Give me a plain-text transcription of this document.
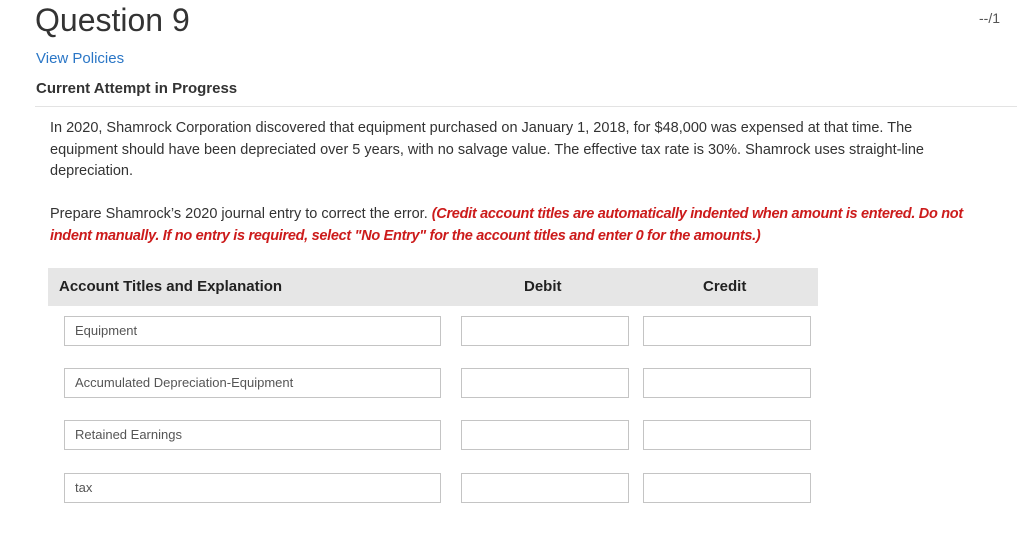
Question 9	--/1
View Policies
Current Attempt in Progress
In 2020, Shamrock Corporation discovered that equipment purchased on January 1, 2018, for $48,000 was expensed at that time. The equipment should have been depreciated over 5 years, with no salvage value. The effective tax rate is 30%. Shamrock uses straight-line depreciation.
Prepare Shamrock’s 2020 journal entry to correct the error. (Credit account titles are automatically indented when amount is entered. Do not indent manually. If no entry is required, select "No Entry" for the account titles and enter 0 for the amounts.)
Account Titles and Explanation	Debit	Credit
Equipment
Accumulated Depreciation-Equipment
Retained Earnings
tax
